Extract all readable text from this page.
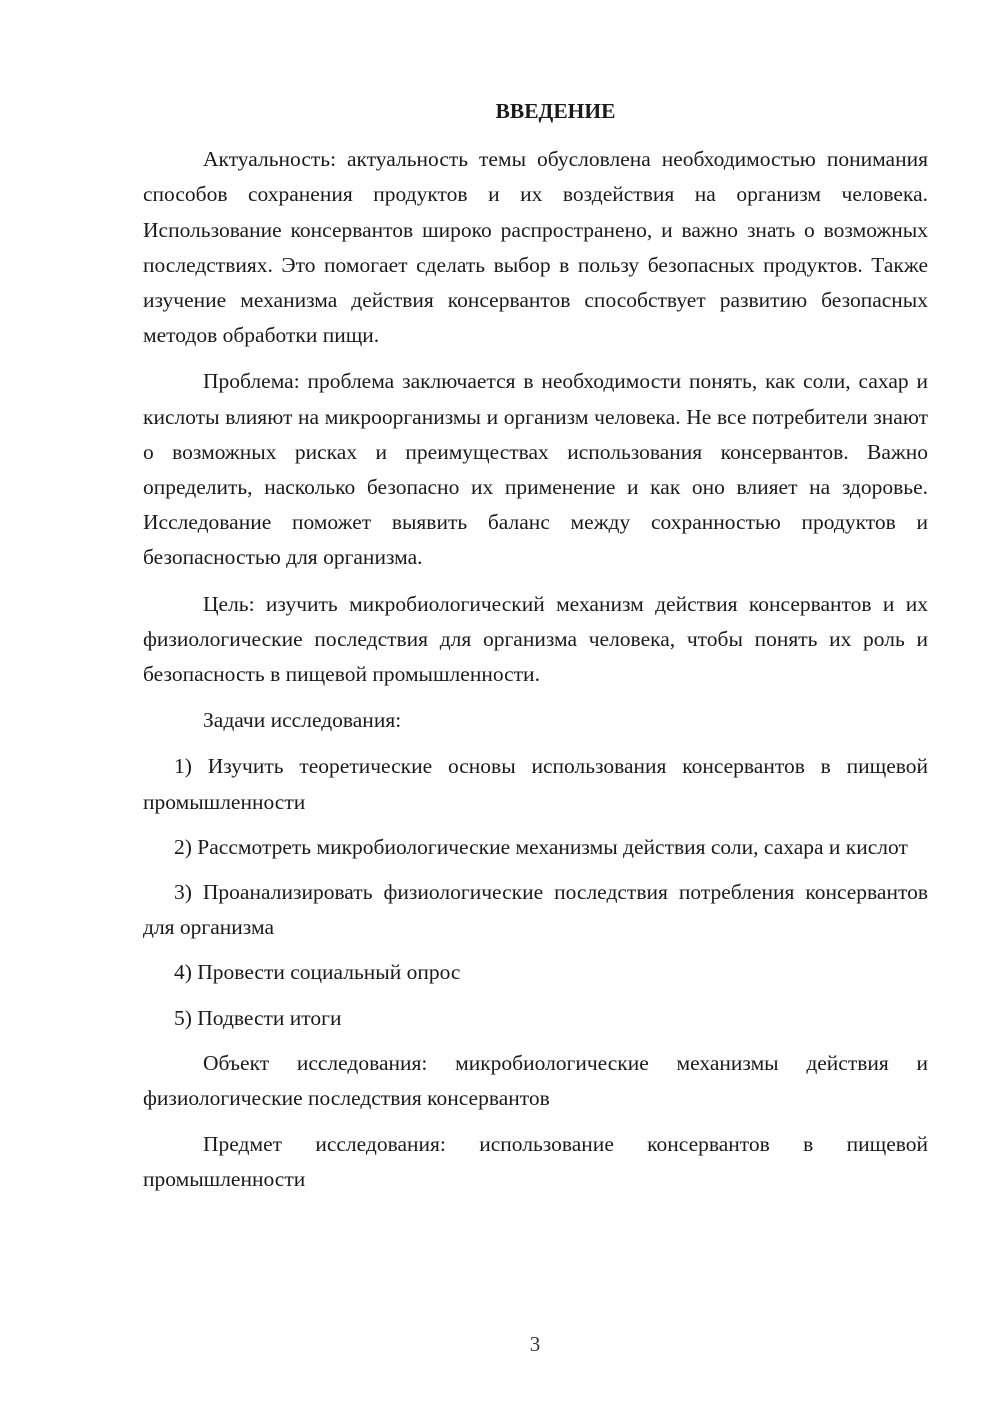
ВВЕДЕНИЕ

Актуальность: актуальность темы обусловлена необходимостью понимания способов сохранения продуктов и их воздействия на организм человека. Использование консервантов широко распространено, и важно знать о возможных последствиях. Это помогает сделать выбор в пользу безопасных продуктов. Также изучение механизма действия консервантов способствует развитию безопасных методов обработки пищи.

Проблема: проблема заключается в необходимости понять, как соли, сахар и кислоты влияют на микроорганизмы и организм человека. Не все потребители знают о возможных рисках и преимуществах использования консервантов. Важно определить, насколько безопасно их применение и как оно влияет на здоровье. Исследование поможет выявить баланс между сохранностью продуктов и безопасностью для организма.

Цель: изучить микробиологический механизм действия консервантов и их физиологические последствия для организма человека, чтобы понять их роль и безопасность в пищевой промышленности.

Задачи исследования:

1) Изучить теоретические основы использования консервантов в пищевой промышленности

2) Рассмотреть микробиологические механизмы действия соли, сахара и кислот

3) Проанализировать физиологические последствия потребления консервантов для организма

4) Провести социальный опрос

5) Подвести итоги

Объект исследования: микробиологические механизмы действия и физиологические последствия консервантов

Предмет исследования: использование консервантов в пищевой промышленности

3
